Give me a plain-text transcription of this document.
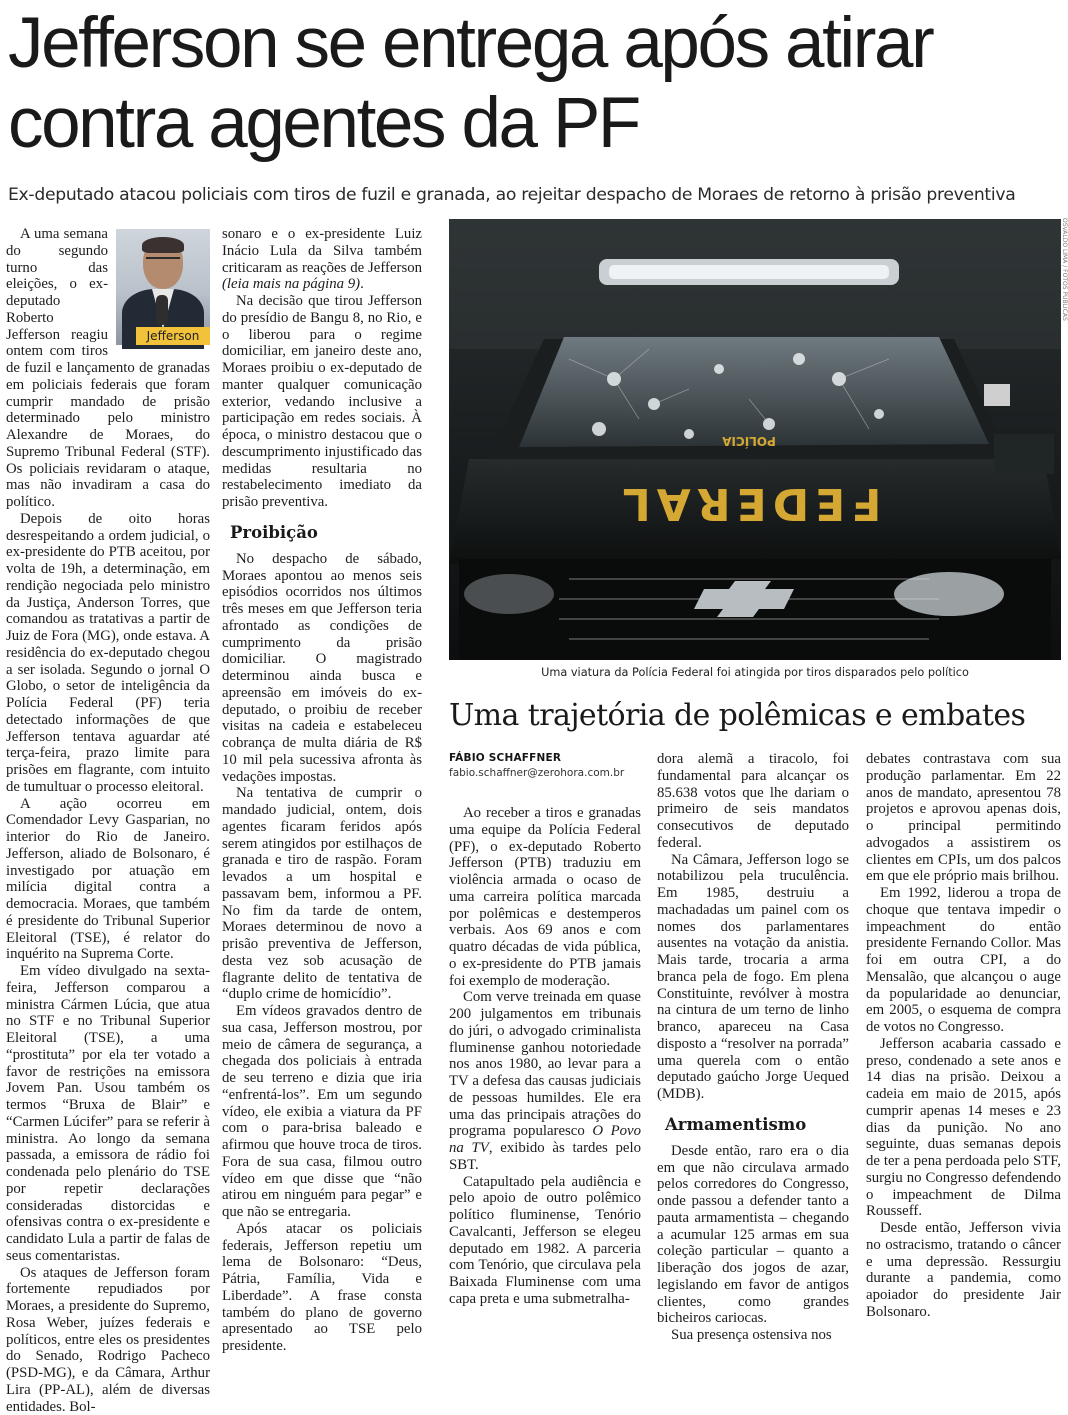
Jefferson se entrega após atirar contra agentes da PF
Ex-deputado atacou policiais com tiros de fuzil e granada, ao rejeitar despacho de Moraes de retorno à prisão preventiva
Jefferson

A uma semana do segundo turno das eleições, o ex-deputado Roberto Jefferson reagiu ontem com tiros de fuzil e lançamento de granadas em policiais federais que foram cumprir mandado de prisão determinado pelo ministro Alexandre de Moraes, do Supremo Tribunal Federal (STF). Os policiais revidaram o ataque, mas não invadiram a casa do político.

Depois de oito horas desrespeitando a ordem judicial, o ex-presidente do PTB aceitou, por volta de 19h, a determinação, em rendição negociada pelo ministro da Justiça, Anderson Torres, que comandou as tratativas a partir de Juiz de Fora (MG), onde estava. A residência do ex-deputado chegou a ser isolada. Segundo o jornal O Globo, o setor de inteligência da Polícia Federal (PF) teria detectado informações de que Jefferson tentava aguardar até terça-feira, prazo limite para prisões em flagrante, com intuito de tumultuar o processo eleitoral.

A ação ocorreu em Comendador Levy Gasparian, no interior do Rio de Janeiro. Jefferson, aliado de Bolsonaro, é investigado por atuação em milícia digital contra a democracia. Moraes, que também é presidente do Tribunal Superior Eleitoral (TSE), é relator do inquérito na Suprema Corte.

Em vídeo divulgado na sexta-feira, Jefferson comparou a ministra Cármen Lúcia, que atua no STF e no Tribunal Superior Eleitoral (TSE), a uma “prostituta” por ela ter votado a favor de restrições na emissora Jovem Pan. Usou também os termos “Bruxa de Blair” e “Carmen Lúcifer” para se referir à ministra. Ao longo da semana passada, a emissora de rádio foi condenada pelo plenário do TSE por repetir declarações consideradas distorcidas e ofensivas contra o ex-presidente e candidato Lula a partir de falas de seus comentaristas.

Os ataques de Jefferson foram fortemente repudiados por Moraes, a presidente do Supremo, Rosa Weber, juízes federais e políticos, entre eles os presidentes do Senado, Rodrigo Pacheco (PSD-MG), e da Câmara, Arthur Lira (PP-AL), além de diversas entidades. Bol-

sonaro e o ex-presidente Luiz Inácio Lula da Silva também criticaram as reações de Jefferson (leia mais na página 9).

Na decisão que tirou Jefferson do presídio de Bangu 8, no Rio, e o liberou para o regime domiciliar, em janeiro deste ano, Moraes proibiu o ex-deputado de manter qualquer comunicação exterior, vedando inclusive a participação em redes sociais. À época, o ministro destacou que o descumprimento injustificado das medidas resultaria no restabelecimento imediato da prisão preventiva.

Proibição

No despacho de sábado, Moraes apontou ao menos seis episódios ocorridos nos últimos três meses em que Jefferson teria afrontado as condições de cumprimento da prisão domiciliar. O magistrado determinou ainda busca e apreensão em imóveis do ex-deputado, o proibiu de receber visitas na cadeia e estabeleceu cobrança de multa diária de R$ 10 mil pela sucessiva afronta às vedações impostas.

Na tentativa de cumprir o mandado judicial, ontem, dois agentes ficaram feridos após serem atingidos por estilhaços de granada e tiro de raspão. Foram levados a um hospital e passavam bem, informou a PF. No fim da tarde de ontem, Moraes determinou de novo a prisão preventiva de Jefferson, desta vez sob acusação de flagrante delito de tentativa de “duplo crime de homicídio”.

Em vídeos gravados dentro de sua casa, Jefferson mostrou, por meio de câmera de segurança, a chegada dos policiais à entrada de seu terreno e dizia que iria “enfrentá-los”. Em um segundo vídeo, ele exibia a viatura da PF com o para-brisa baleado e afirmou que houve troca de tiros. Fora de sua casa, filmou outro vídeo em que disse que “não atirou em ninguém para pegar” e que não se entregaria.

Após atacar os policiais federais, Jefferson repetiu um lema de Bolsonaro: “Deus, Pátria, Família, Vida e Liberdade”. A frase consta também do plano de governo apresentado ao TSE pelo presidente.

POLÍCIA
FEDERAL
OSVALDO LIMA / FOTOS PÚBLICAS
Uma viatura da Polícia Federal foi atingida por tiros disparados pelo político
Uma trajetória de polêmicas e embates
FÁBIO SCHAFFNER
fabio.schaffner@zerohora.com.br

Ao receber a tiros e granadas uma equipe da Polícia Federal (PF), o ex-deputado Roberto Jefferson (PTB) traduziu em violência armada o ocaso de uma carreira política marcada por polêmicas e destemperos verbais. Aos 69 anos e com quatro décadas de vida pública, o ex-presidente do PTB jamais foi exemplo de moderação.

Com verve treinada em quase 200 julgamentos em tribunais do júri, o advogado criminalista fluminense ganhou notoriedade nos anos 1980, ao levar para a TV a defesa das causas judiciais de pessoas humildes. Ele era uma das principais atrações do programa popularesco O Povo na TV, exibido às tardes pelo SBT.

Catapultado pela audiência e pelo apoio de outro polêmico político fluminense, Tenório Cavalcanti, Jefferson se elegeu deputado em 1982. A parceria com Tenório, que circulava pela Baixada Fluminense com uma capa preta e uma submetralha-

dora alemã a tiracolo, foi fundamental para alcançar os 85.638 votos que lhe dariam o primeiro de seis mandatos consecutivos de deputado federal.

Na Câmara, Jefferson logo se notabilizou pela truculência. Em 1985, destruiu a machadadas um painel com os nomes dos parlamentares ausentes na votação da anistia. Mais tarde, trocaria a arma branca pela de fogo. Em plena Constituinte, revólver à mostra na cintura de um terno de linho branco, apareceu na Casa disposto a “resolver na porrada” uma querela com o então deputado gaúcho Jorge Uequed (MDB).

Armamentismo

Desde então, raro era o dia em que não circulava armado pelos corredores do Congresso, onde passou a defender tanto a pauta armamentista – chegando a acumular 125 armas em sua coleção particular – quanto a liberação dos jogos de azar, legislando em favor de antigos clientes, como grandes bicheiros cariocas.

Sua presença ostensiva nos

debates contrastava com sua produção parlamentar. Em 22 anos de mandato, apresentou 78 projetos e aprovou apenas dois, o principal permitindo advogados a assistirem os clientes em CPIs, um dos palcos em que ele próprio mais brilhou.

Em 1992, liderou a tropa de choque que tentava impedir o impeachment do então presidente Fernando Collor. Mas foi em outra CPI, a do Mensalão, que alcançou o auge da popularidade ao denunciar, em 2005, o esquema de compra de votos no Congresso.

Jefferson acabaria cassado e preso, condenado a sete anos e 14 dias na prisão. Deixou a cadeia em maio de 2015, após cumprir apenas 14 meses e 23 dias da punição. No ano seguinte, duas semanas depois de ter a pena perdoada pelo STF, surgiu no Congresso defendendo o impeachment de Dilma Rousseff.

Desde então, Jefferson vivia no ostracismo, tratando o câncer e uma depressão. Ressurgiu durante a pandemia, como apoiador do presidente Jair Bolsonaro.
